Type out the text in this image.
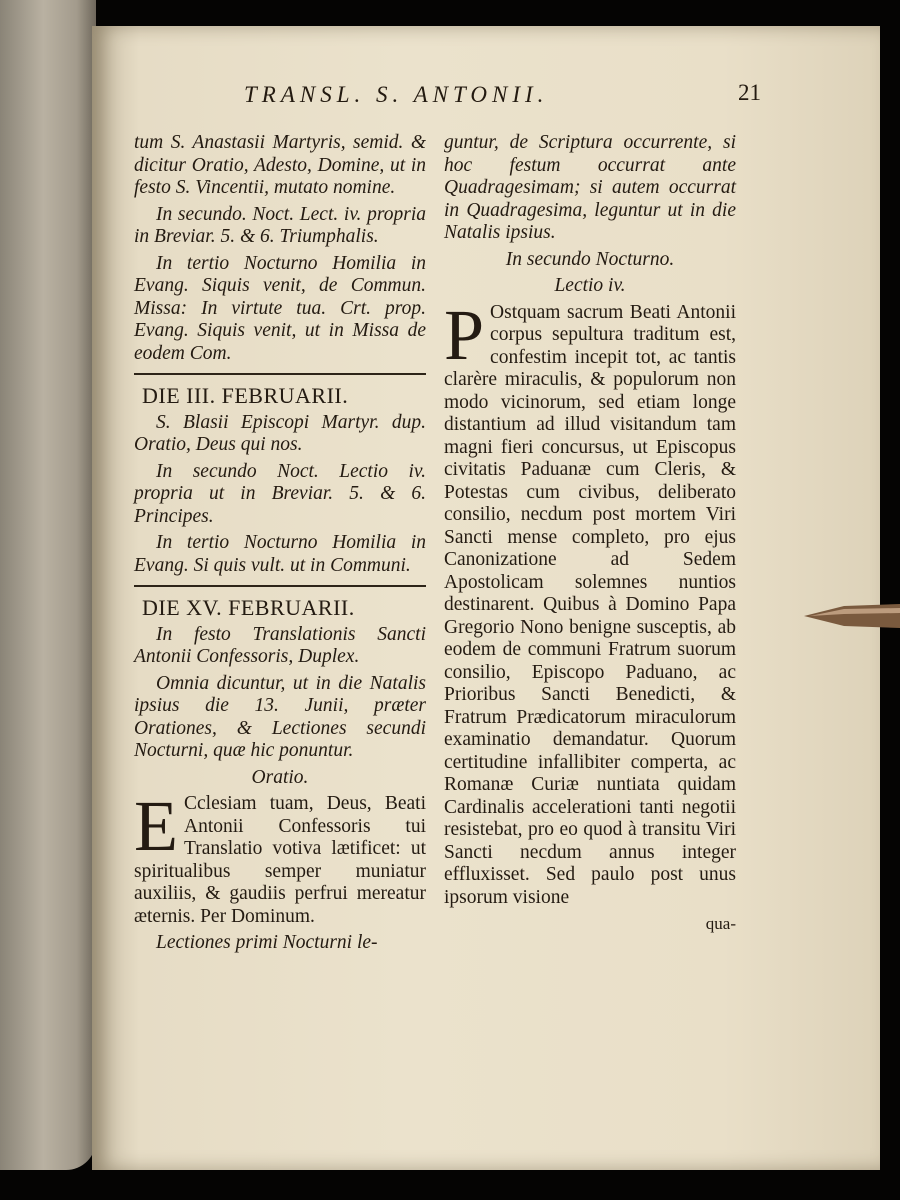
TRANSL. S. ANTONII.	21

tum S. Anastasii Martyris, semid. & dicitur Oratio, Adesto, Domine, ut in festo S. Vincentii, mutato nomine.

In secundo. Noct. Lect. iv. propria in Breviar. 5. & 6. Triumphalis.

In tertio Nocturno Homilia in Evang. Siquis venit, de Commun. Missa: In virtute tua. Crt. prop. Evang. Siquis venit, ut in Missa de eodem Com.

DIE III. FEBRUARII.

S. Blasii Episcopi Martyr. dup. Oratio, Deus qui nos.

In secundo Noct. Lectio iv. propria ut in Breviar. 5. & 6. Principes.

In tertio Nocturno Homilia in Evang. Si quis vult. ut in Communi.

DIE XV. FEBRUARII.

In festo Translationis Sancti Antonii Confessoris, Duplex.

Omnia dicuntur, ut in die Natalis ipsius die 13. Junii, præter Orationes, & Lectiones secundi Nocturni, quæ hic ponuntur.

Oratio.

E Cclesiam tuam, Deus, Beati Antonii Confessoris tui Translatio votiva lætificet: ut spiritualibus semper muniatur auxiliis, & gaudiis perfrui mereatur æternis. Per Dominum.

Lectiones primi Nocturni le-

guntur, de Scriptura occurrente, si hoc festum occurrat ante Quadragesimam; si autem occurrat in Quadragesima, leguntur ut in die Natalis ipsius.

In secundo Nocturno.

Lectio iv.

P Ostquam sacrum Beati Antonii corpus sepultura traditum est, confestim incepit tot, ac tantis clarère miraculis, & populorum non modo vicinorum, sed etiam longe distantium ad illud visitandum tam magni fieri concursus, ut Episcopus civitatis Paduanæ cum Cleris, & Potestas cum civibus, deliberato consilio, necdum post mortem Viri Sancti mense completo, pro ejus Canonizatione ad Sedem Apostolicam solemnes nuntios destinarent. Quibus à Domino Papa Gregorio Nono benigne susceptis, ab eodem de communi Fratrum suorum consilio, Episcopo Paduano, ac Prioribus Sancti Benedicti, & Fratrum Prædicatorum miraculorum examinatio demandatur. Quorum certitudine infallibiter comperta, ac Romanæ Curiæ nuntiata quidam Cardinalis accelerationi tanti negotii resistebat, pro eo quod à transitu Viri Sancti necdum annus integer effluxisset. Sed paulo post unus ipsorum visione

qua-
